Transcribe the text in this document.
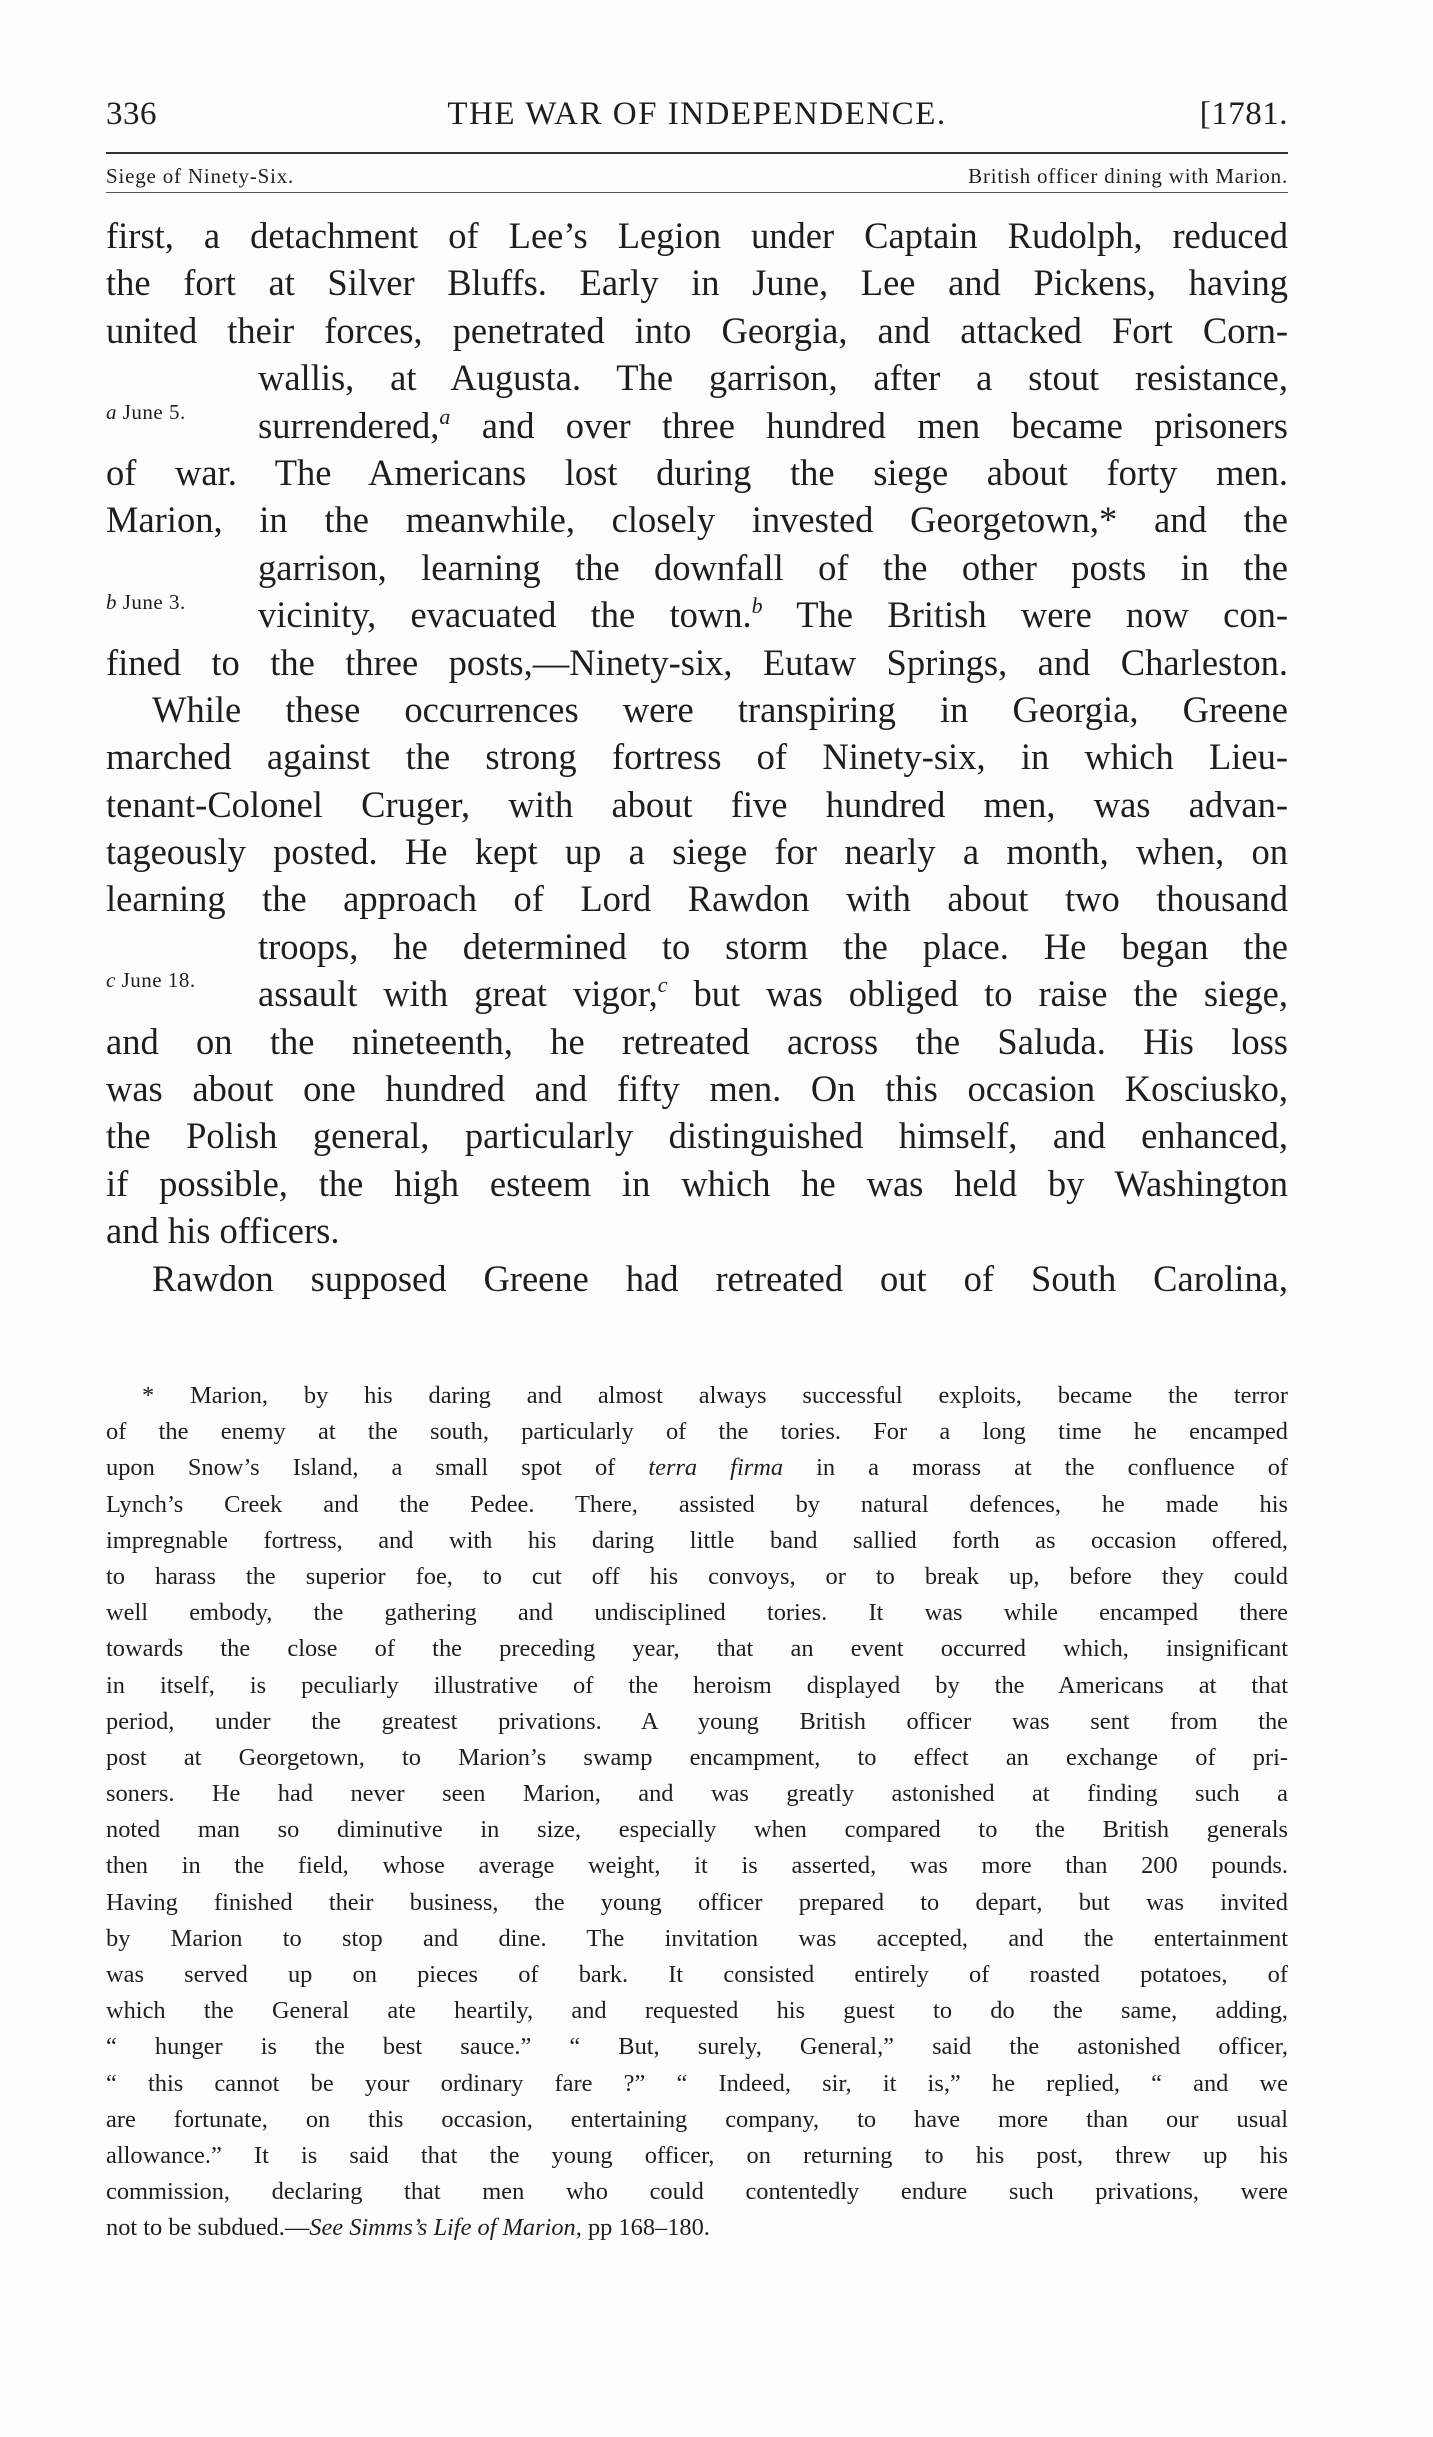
336	THE WAR OF INDEPENDENCE.	[1781.
Siege of Ninety-Six.	British officer dining with Marion.
first, a detachment of Lee’s Legion under Captain Rudolph, reduced
the fort at Silver Bluffs. Early in June, Lee and Pickens, having
united their forces, penetrated into Georgia, and attacked Fort Corn-
wallis, at Augusta. The garrison, after a stout resistance,
surrendered,$^a$ and over three hundred men became prisoners
of war. The Americans lost during the siege about forty men.
Marion, in the meanwhile, closely invested Georgetown,* and the
garrison, learning the downfall of the other posts in the
vicinity, evacuated the town.$^b$ The British were now con-
fined to the three posts,—Ninety-six, Eutaw Springs, and Charleston.
While these occurrences were transpiring in Georgia, Greene
marched against the strong fortress of Ninety-six, in which Lieu-
tenant-Colonel Cruger, with about five hundred men, was advan-
tageously posted. He kept up a siege for nearly a month, when, on
learning the approach of Lord Rawdon with about two thousand
troops, he determined to storm the place. He began the
assault with great vigor,$^c$ but was obliged to raise the siege,
and on the nineteenth, he retreated across the Saluda. His loss
was about one hundred and fifty men. On this occasion Kosciusko,
the Polish general, particularly distinguished himself, and enhanced,
if possible, the high esteem in which he was held by Washington
and his officers.
Rawdon supposed Greene had retreated out of South Carolina,
a June 5.
b June 3.
c June 18.
* Marion, by his daring and almost always successful exploits, became the terror
of the enemy at the south, particularly of the tories. For a long time he encamped
upon Snow’s Island, a small spot of terra firma in a morass at the confluence of
Lynch’s Creek and the Pedee. There, assisted by natural defences, he made his
impregnable fortress, and with his daring little band sallied forth as occasion offered,
to harass the superior foe, to cut off his convoys, or to break up, before they could
well embody, the gathering and undisciplined tories. It was while encamped there
towards the close of the preceding year, that an event occurred which, insignificant
in itself, is peculiarly illustrative of the heroism displayed by the Americans at that
period, under the greatest privations. A young British officer was sent from the
post at Georgetown, to Marion’s swamp encampment, to effect an exchange of pri-
soners. He had never seen Marion, and was greatly astonished at finding such a
noted man so diminutive in size, especially when compared to the British generals
then in the field, whose average weight, it is asserted, was more than 200 pounds.
Having finished their business, the young officer prepared to depart, but was invited
by Marion to stop and dine. The invitation was accepted, and the entertainment
was served up on pieces of bark. It consisted entirely of roasted potatoes, of
which the General ate heartily, and requested his guest to do the same, adding,
“ hunger is the best sauce.” “ But, surely, General,” said the astonished officer,
“ this cannot be your ordinary fare ?” “ Indeed, sir, it is,” he replied, “ and we
are fortunate, on this occasion, entertaining company, to have more than our usual
allowance.” It is said that the young officer, on returning to his post, threw up his
commission, declaring that men who could contentedly endure such privations, were
not to be subdued.—See Simms’s Life of Marion, pp 168–180.
